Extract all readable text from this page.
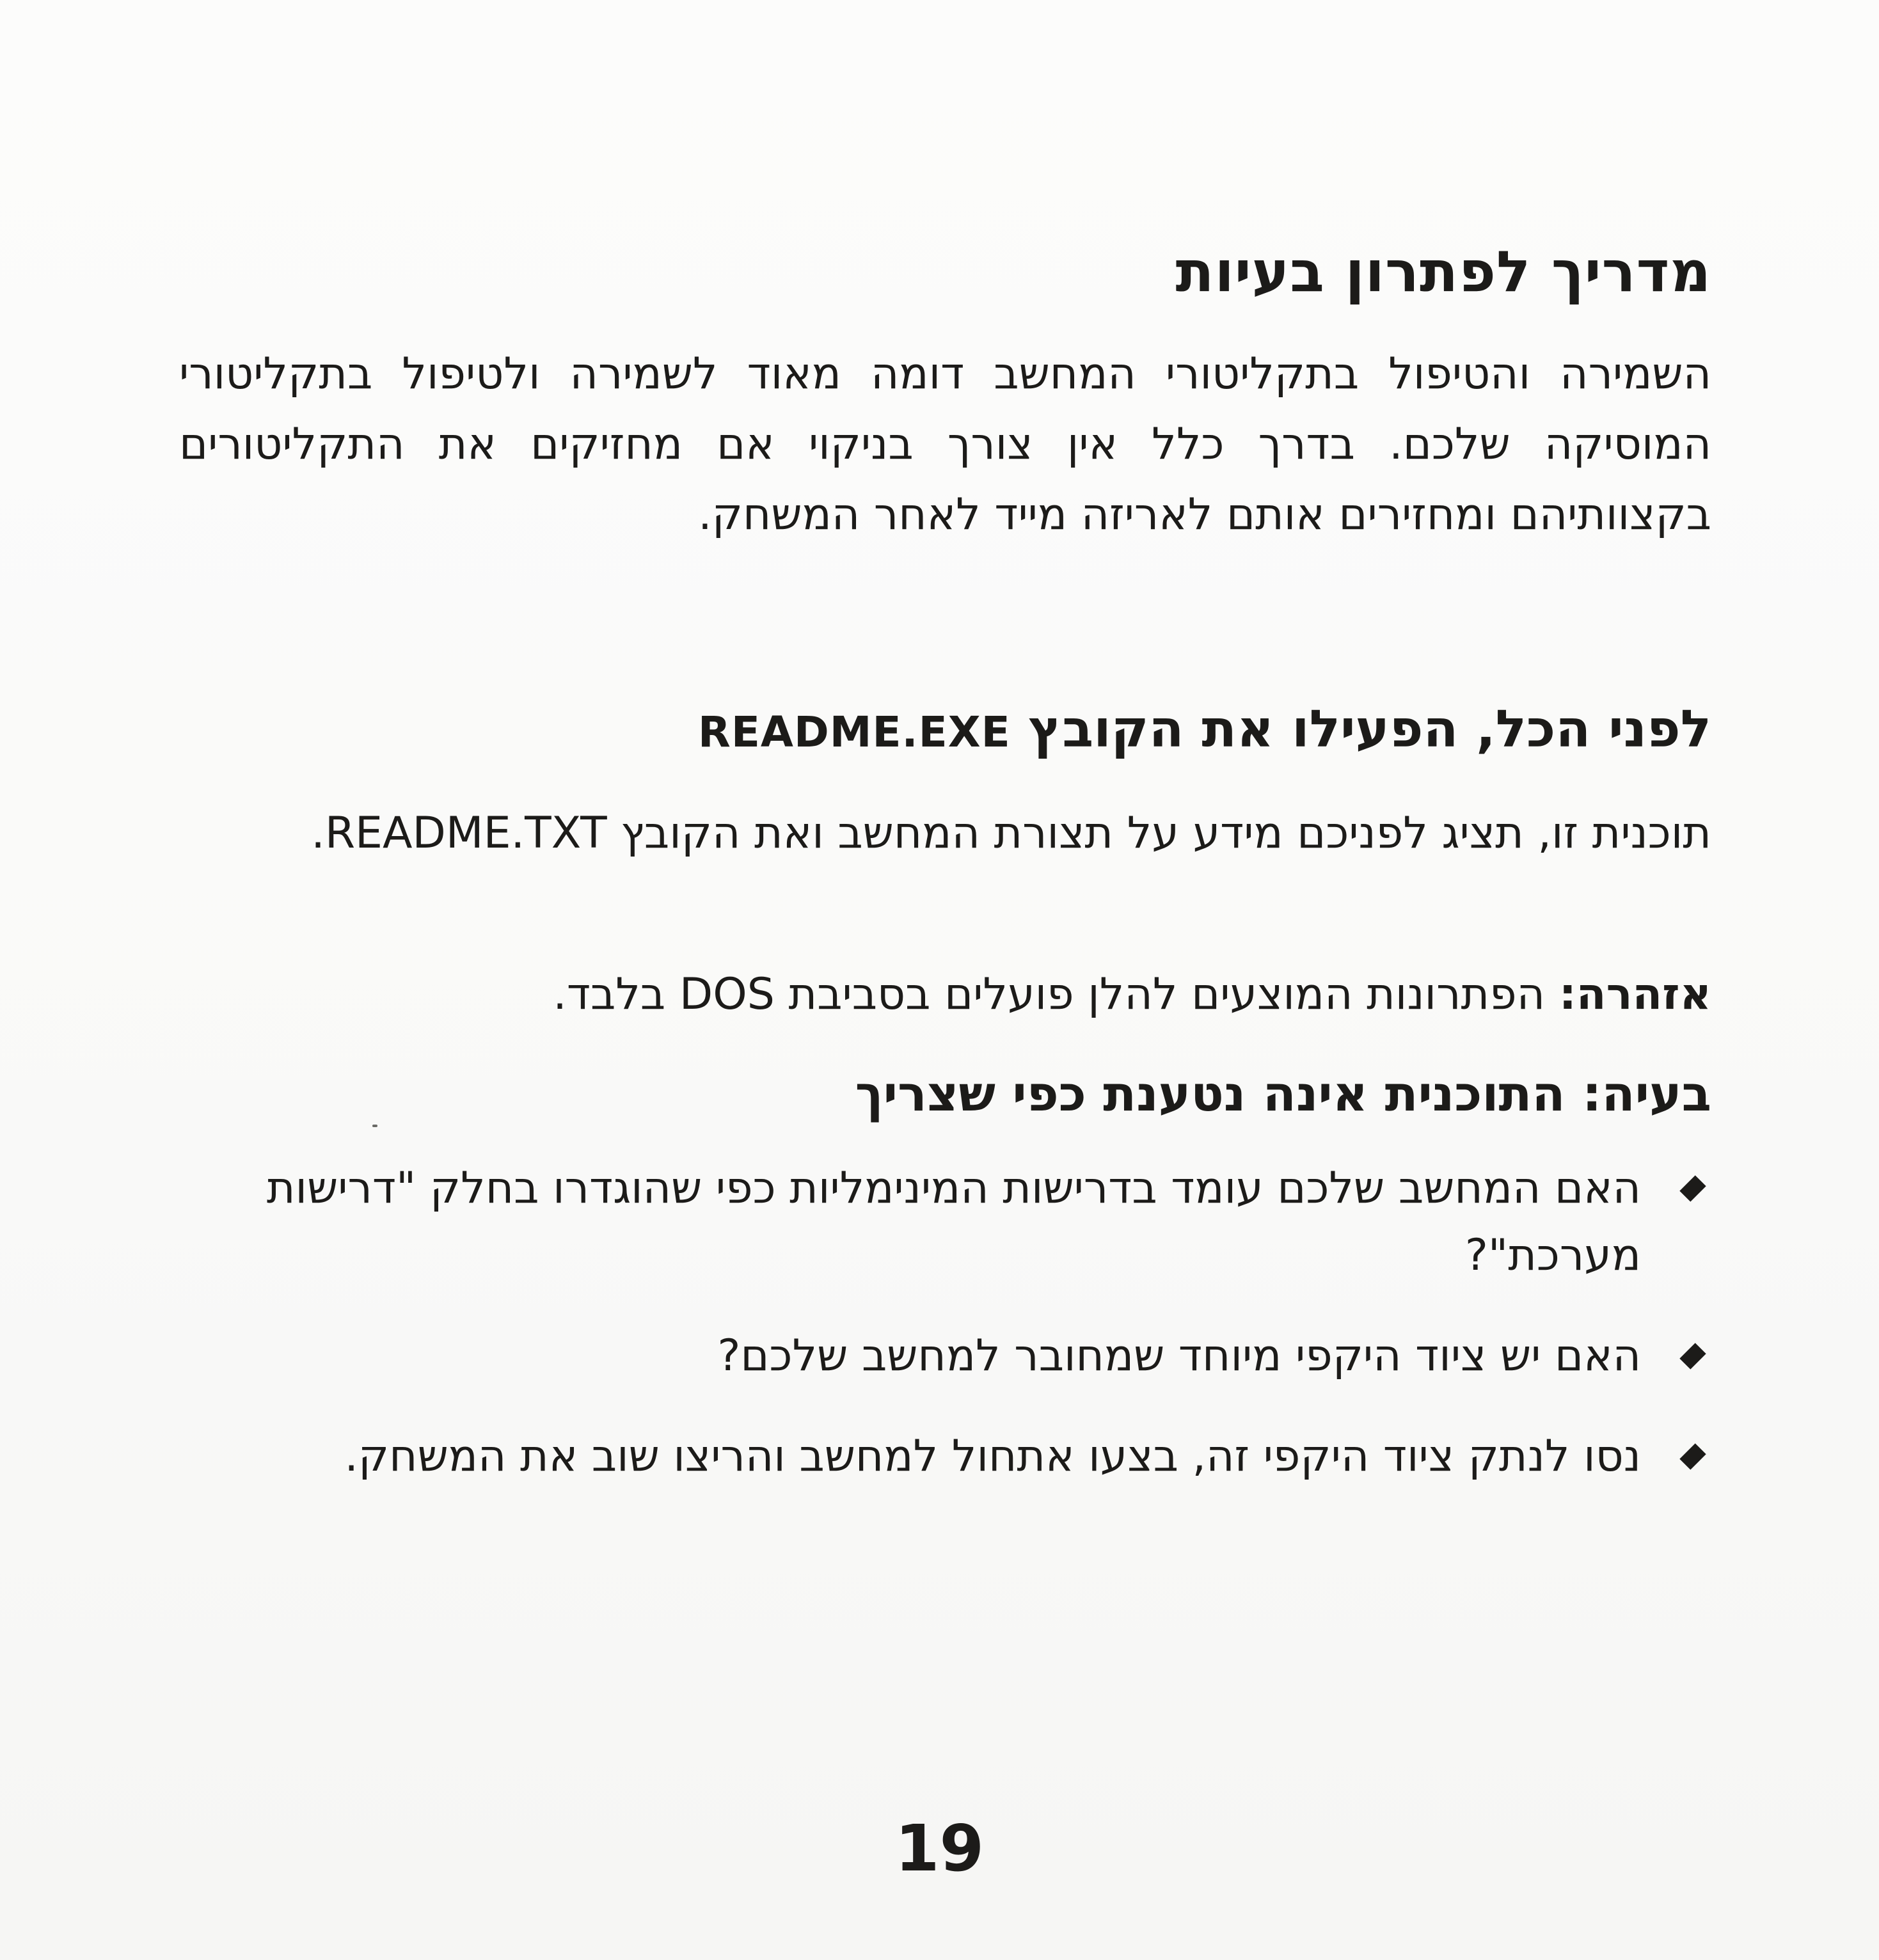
מדריך לפתרון בעיות

השמירה והטיפול בתקליטורי המחשב דומה מאוד לשמירה ולטיפול בתקליטורי המוסיקה שלכם. בדרך כלל אין צורך בניקוי אם מחזיקים את התקליטורים בקצוותיהם ומחזירים אותם לאריזה מייד לאחר המשחק.

לפני הכל, הפעילו את הקובץ README.EXE

תוכנית זו, תציג לפניכם מידע על תצורת המחשב ואת הקובץ README.TXT.

אזהרה: הפתרונות המוצעים להלן פועלים בסביבת DOS בלבד.

בעיה: התוכנית אינה נטענת כפי שצריך

האם המחשב שלכם עומד בדרישות המינימליות כפי שהוגדרו בחלק "דרישות מערכת"?
האם יש ציוד היקפי מיוחד שמחובר למחשב שלכם?
נסו לנתק ציוד היקפי זה, בצעו אתחול למחשב והריצו שוב את המשחק.
19
